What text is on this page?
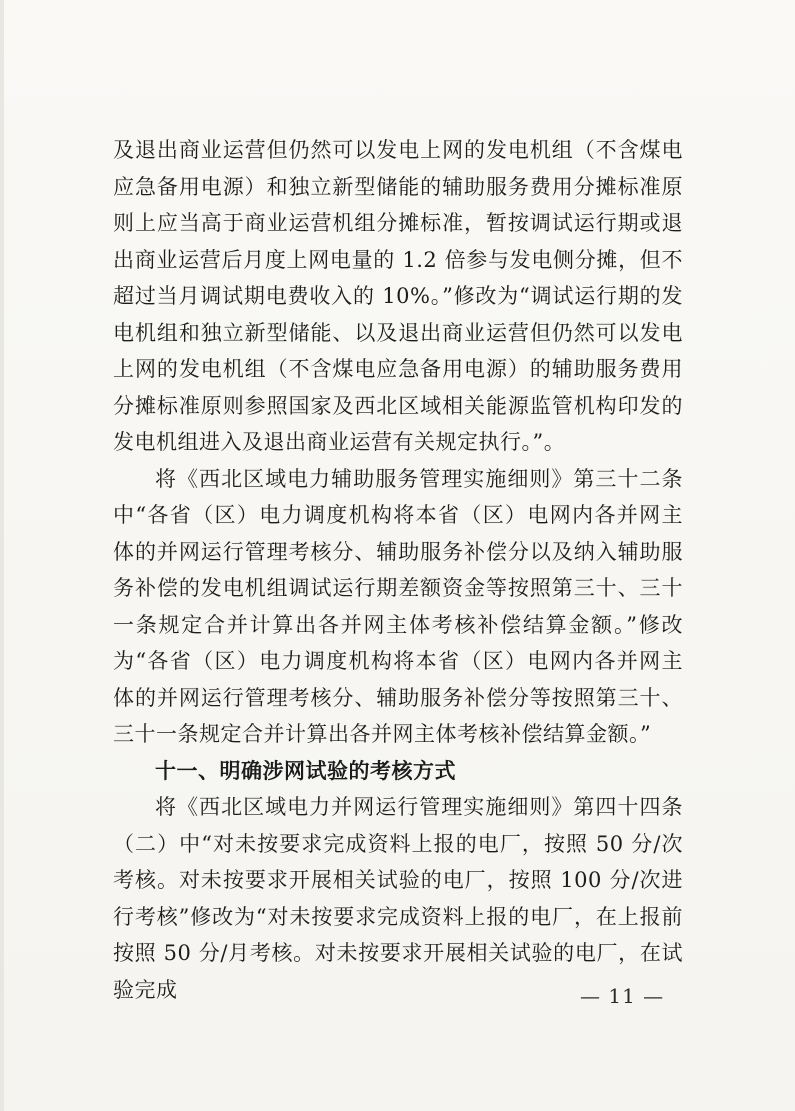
及退出商业运营但仍然可以发电上网的发电机组（不含煤电应急备用电源）和独立新型储能的辅助服务费用分摊标准原则上应当高于商业运营机组分摊标准，暂按调试运行期或退出商业运营后月度上网电量的 1.2 倍参与发电侧分摊，但不超过当月调试期电费收入的 10%。”修改为“调试运行期的发电机组和独立新型储能、以及退出商业运营但仍然可以发电上网的发电机组（不含煤电应急备用电源）的辅助服务费用分摊标准原则参照国家及西北区域相关能源监管机构印发的发电机组进入及退出商业运营有关规定执行。”。

将《西北区域电力辅助服务管理实施细则》第三十二条中“各省（区）电力调度机构将本省（区）电网内各并网主体的并网运行管理考核分、辅助服务补偿分以及纳入辅助服务补偿的发电机组调试运行期差额资金等按照第三十、三十一条规定合并计算出各并网主体考核补偿结算金额。”修改为“各省（区）电力调度机构将本省（区）电网内各并网主体的并网运行管理考核分、辅助服务补偿分等按照第三十、三十一条规定合并计算出各并网主体考核补偿结算金额。”

十一、明确涉网试验的考核方式

将《西北区域电力并网运行管理实施细则》第四十四条（二）中“对未按要求完成资料上报的电厂，按照 50 分/次考核。对未按要求开展相关试验的电厂，按照 100 分/次进行考核”修改为“对未按要求完成资料上报的电厂，在上报前按照 50 分/月考核。对未按要求开展相关试验的电厂，在试验完成	— 11 —
